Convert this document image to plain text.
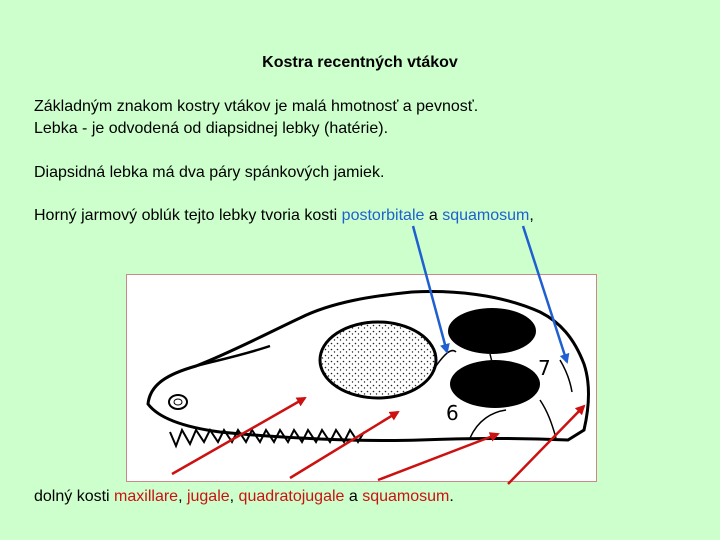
Kostra recentných vtákov
Základným znakom kostry vtákov je malá hmotnosť a pevnosť.
Lebka - je odvodená od diapsidnej lebky (hatérie).
Diapsidná lebka má dva páry spánkových jamiek.
Horný jarmový oblúk tejto lebky tvoria kosti postorbitale a squamosum,
dolný kosti maxillare, jugale, quadratojugale a squamosum.
7
6
